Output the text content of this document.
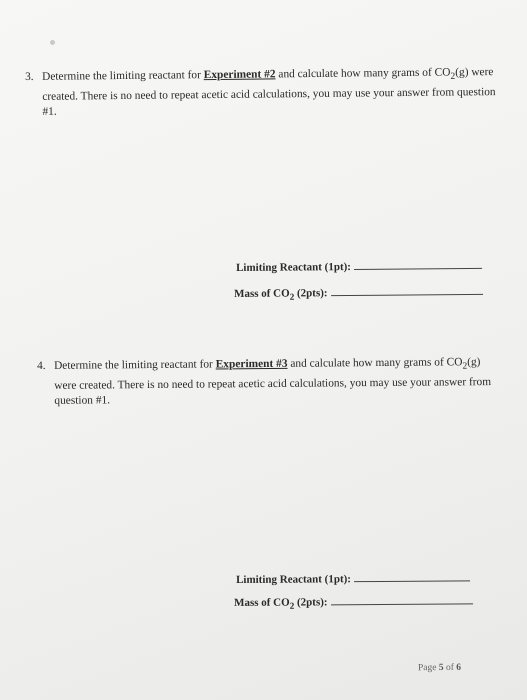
3. Determine the limiting reactant for Experiment #2 and calculate how many grams of $CO_2(g)$ were created. There is no need to repeat acetic acid calculations, you may use your answer from question #1.
Limiting Reactant (1pt):
Mass of $CO_2$ (2pts):
4. Determine the limiting reactant for Experiment #3 and calculate how many grams of $CO_2(g)$ were created. There is no need to repeat acetic acid calculations, you may use your answer from question #1.
Limiting Reactant (1pt):
Mass of $CO_2$ (2pts):
Page 5 of 6
